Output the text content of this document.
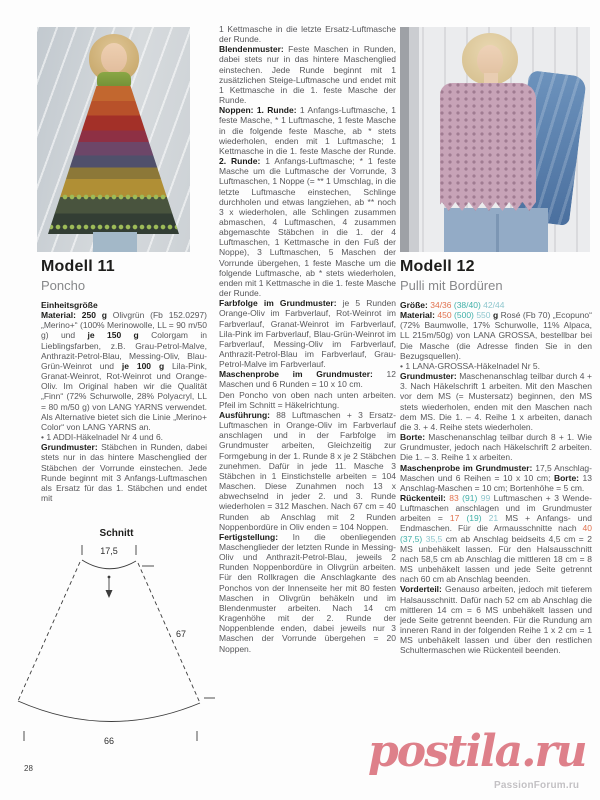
Modell 11
Poncho

Einheitsgröße

Material: 250 g Olivgrün (Fb 152.0297) „Merino+“ (100% Merinowolle, LL = 90 m/50 g) und je 150 g Colorgam in Lieblingsfarben, z.B. Grau-Petrol-Malve, Anthrazit-Petrol-Blau, Messing-Oliv, Blau-Grün-Weinrot und je 100 g Lila-Pink, Granat-Weinrot, Rot-Weinrot und Orange-Oliv. Im Original haben wir die Qualität „Finn“ (72% Schurwolle, 28% Polyacryl, LL = 80 m/50 g) von LANG YARNS verwendet. Als Alternative bietet sich die Linie „Merino+ Color“ von LANG YARNS an.

• 1 ADDI-Häkelnadel Nr 4 und 6.

Grundmuster: Stäbchen in Runden, dabei stets nur in das hintere Maschenglied der Stäbchen der Vorrunde einstechen. Jede Runde beginnt mit 3 Anfangs-Luftmaschen als Ersatz für das 1. Stäbchen und endet mit

Schnitt
17,5
67
66

1 Kettmasche in die letzte Ersatz-Luftmasche der Runde.

Blendenmuster: Feste Maschen in Runden, dabei stets nur in das hintere Maschenglied einstechen. Jede Runde beginnt mit 1 zusätzlichen Steige-Luftmasche und endet mit 1 Kettmasche in die 1. feste Masche der Runde.

Noppen: 1. Runde: 1 Anfangs-Luftmasche, 1 feste Masche, * 1 Luftmasche, 1 feste Masche in die folgende feste Masche, ab * stets wiederholen, enden mit 1 Luftmasche; 1 Kettmasche in die 1. feste Masche der Runde. 2. Runde: 1 Anfangs-Luftmasche; * 1 feste Masche um die Luftmasche der Vorrunde, 3 Luftmaschen, 1 Noppe (= ** 1 Umschlag, in die letzte Luftmasche einstechen, Schlinge durchholen und etwas langziehen, ab ** noch 3 x wiederholen, alle Schlingen zusammen abmaschen, 4 Luftmaschen, 4 zusammen abgemaschte Stäbchen in die 1. der 4 Luftmaschen, 1 Kettmasche in den Fuß der Noppe), 3 Luftmaschen, 5 Maschen der Vorrunde übergehen, 1 feste Masche um die folgende Luftmasche, ab * stets wiederholen, enden mit 1 Kettmasche in die 1. feste Masche der Runde.

Farbfolge im Grundmuster: je 5 Runden Orange-Oliv im Farbverlauf, Rot-Weinrot im Farbverlauf, Granat-Weinrot im Farbverlauf, Lila-Pink im Farbverlauf, Blau-Grün-Weinrot im Farbverlauf, Messing-Oliv im Farbverlauf, Anthrazit-Petrol-Blau im Farbverlauf, Grau-Petrol-Malve im Farbverlauf.

Maschenprobe im Grundmuster: 12 Maschen und 6 Runden = 10 x 10 cm.

Den Poncho von oben nach unten arbeiten. Pfeil im Schnitt = Häkelrichtung.

Ausführung: 88 Luftmaschen + 3 Ersatz-Luftmaschen in Orange-Oliv im Farbverlauf anschlagen und in der Farbfolge im Grundmuster arbeiten, Gleichzeitig zur Formgebung in der 1. Runde 8 x je 2 Stäbchen zunehmen. Dafür in jede 11. Masche 3 Stäbchen in 1 Einstichstelle arbeiten = 104 Maschen. Diese Zunahmen noch 13 x abwechselnd in jeder 2. und 3. Runde wiederholen = 312 Maschen. Nach 67 cm = 40 Runden ab Anschlag mit 2 Runden Noppenbordüre in Oliv enden = 104 Noppen.

Fertigstellung: In die obenliegenden Maschenglieder der letzten Runde in Messing-Oliv und Anthrazit-Petrol-Blau, jeweils 2 Runden Noppenbordüre in Olivgrün arbeiten. Für den Rollkragen die Anschlagkante des Ponchos von der Innenseite her mit 80 festen Maschen in Olivgrün behäkeln und im Blendenmuster arbeiten. Nach 14 cm Kragenhöhe mit der 2. Runde der Noppenblende enden, dabei jeweils nur 3 Maschen der Vorrunde übergehen = 20 Noppen.

Modell 12
Pulli mit Bordüren

Größe: 34/36 (38/40) 42/44

Material: 450 (500) 550 g Rosé (Fb 70) „Ecopuno“ (72% Baumwolle, 17% Schurwolle, 11% Alpaca, LL 215m/50g) von LANA GROSSA, bestellbar bei Die Masche (die Adresse finden Sie in den Bezugsquellen).

• 1 LANA-GROSSA-Häkelnadel Nr 5.

Grundmuster: Maschenanschlag teilbar durch 4 + 3. Nach Häkelschrift 1 arbeiten. Mit den Maschen vor dem MS (= Mustersatz) beginnen, den MS stets wiederholen, enden mit den Maschen nach dem MS. Die 1. – 4. Reihe 1 x arbeiten, danach die 3. + 4. Reihe stets wiederholen.

Borte: Maschenanschlag teilbar durch 8 + 1. Wie Grundmuster, jedoch nach Häkelschrift 2 arbeiten. Die 1. – 3. Reihe 1 x arbeiten.

Maschenprobe im Grundmuster: 17,5 Anschlag-Maschen und 6 Reihen = 10 x 10 cm; Borte: 13 Anschlag-Maschen = 10 cm; Bortenhöhe = 5 cm.

Rückenteil: 83 (91) 99 Luftmaschen + 3 Wende-Luftmaschen anschlagen und im Grundmuster arbeiten = 17 (19) 21 MS + Anfangs- und Endmaschen. Für die Armausschnitte nach 40 (37,5) 35,5 cm ab Anschlag beidseits 4,5 cm = 2 MS unbehäkelt lassen. Für den Halsausschnitt nach 58,5 cm ab Anschlag die mittleren 18 cm = 8 MS unbehäkelt lassen und jede Seite getrennt nach 60 cm ab Anschlag beenden.

Vorderteil: Genauso arbeiten, jedoch mit tieferem Halsausschnitt. Dafür nach 52 cm ab Anschlag die mittleren 14 cm = 6 MS unbehäkelt lassen und jede Seite getrennt beenden. Für die Rundung am inneren Rand in der folgenden Reihe 1 x 2 cm = 1 MS unbehäkelt lassen und über den restlichen Schultermaschen wie Rückenteil beenden.

28	postila.ru
PassionForum.ru
